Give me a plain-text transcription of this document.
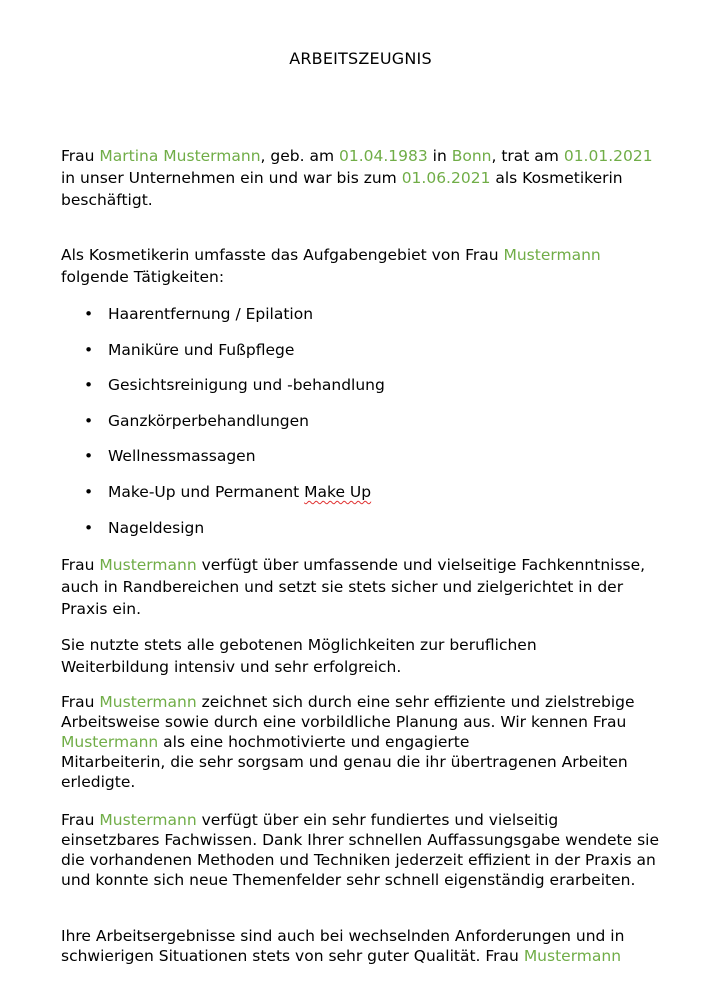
ARBEITSZEUGNIS

Frau Martina Mustermann, geb. am 01.04.1983 in Bonn, trat am 01.01.2021 in unser Unternehmen ein und war bis zum 01.06.2021 als Kosmetikerin beschäftigt.

Als Kosmetikerin umfasste das Aufgabengebiet von Frau Mustermann folgende Tätigkeiten:

• Haarentfernung / Epilation
• Maniküre und Fußpflege
• Gesichtsreinigung und -behandlung
• Ganzkörperbehandlungen
• Wellnessmassagen
• Make-Up und Permanent Make Up
• Nageldesign

Frau Mustermann verfügt über umfassende und vielseitige Fachkenntnisse, auch in Randbereichen und setzt sie stets sicher und zielgerichtet in der Praxis ein.

Sie nutzte stets alle gebotenen Möglichkeiten zur beruflichen Weiterbildung intensiv und sehr erfolgreich.

Frau Mustermann zeichnet sich durch eine sehr effiziente und zielstrebige Arbeitsweise sowie durch eine vorbildliche Planung aus. Wir kennen Frau Mustermann als eine hochmotivierte und engagierte
Mitarbeiterin, die sehr sorgsam und genau die ihr übertragenen Arbeiten erledigte.

Frau Mustermann verfügt über ein sehr fundiertes und vielseitig einsetzbares Fachwissen. Dank Ihrer schnellen Auffassungsgabe wendete sie die vorhandenen Methoden und Techniken jederzeit effizient in der Praxis an und konnte sich neue Themenfelder sehr schnell eigenständig erarbeiten.

Ihre Arbeitsergebnisse sind auch bei wechselnden Anforderungen und in schwierigen Situationen stets von sehr guter Qualität. Frau Mustermann
